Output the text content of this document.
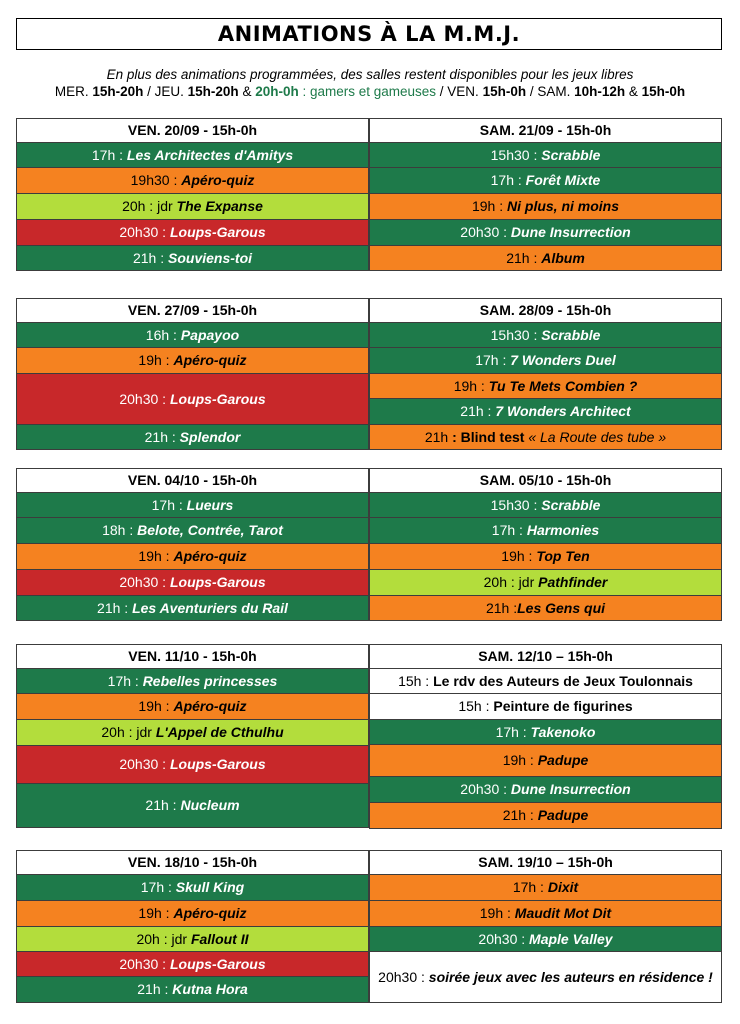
ANIMATIONS À LA M.M.J.
En plus des animations programmées, des salles restent disponibles pour les jeux libres
MER. 15h-20h / JEU. 15h-20h & 20h-0h : gamers et gameuses / VEN. 15h-0h / SAM. 10h-12h & 15h-0h
VEN. 20/09 - 15h-0h
17h : Les Architectes d'Amitys
19h30 : Apéro-quiz
20h : jdr The Expanse
20h30 : Loups-Garous
21h : Souviens-toi
SAM. 21/09 - 15h-0h
15h30 : Scrabble
17h : Forêt Mixte
19h : Ni plus, ni moins
20h30 : Dune Insurrection
21h : Album
VEN. 27/09 - 15h-0h
16h : Papayoo
19h : Apéro-quiz
20h30 : Loups-Garous
21h : Splendor
SAM. 28/09 - 15h-0h
15h30 : Scrabble
17h : 7 Wonders Duel
19h : Tu Te Mets Combien ?
21h : 7 Wonders Architect
21h : Blind test « La Route des tube »
VEN. 04/10 - 15h-0h
17h : Lueurs
18h : Belote, Contrée, Tarot
19h : Apéro-quiz
20h30 : Loups-Garous
21h : Les Aventuriers du Rail
SAM. 05/10 - 15h-0h
15h30 : Scrabble
17h : Harmonies
19h : Top Ten
20h : jdr Pathfinder
21h :Les Gens qui
VEN. 11/10 - 15h-0h
17h : Rebelles princesses
19h : Apéro-quiz
20h : jdr L'Appel de Cthulhu
20h30 : Loups-Garous
21h : Nucleum
SAM. 12/10 – 15h-0h
15h : Le rdv des Auteurs de Jeux Toulonnais
15h : Peinture de figurines
17h : Takenoko
19h : Padupe
20h30 : Dune Insurrection
21h : Padupe
VEN. 18/10 - 15h-0h
17h : Skull King
19h : Apéro-quiz
20h : jdr Fallout II
20h30 : Loups-Garous
21h : Kutna Hora
SAM. 19/10 – 15h-0h
17h : Dixit
19h : Maudit Mot Dit
20h30 : Maple Valley
20h30 : soirée jeux avec les auteurs en résidence !
